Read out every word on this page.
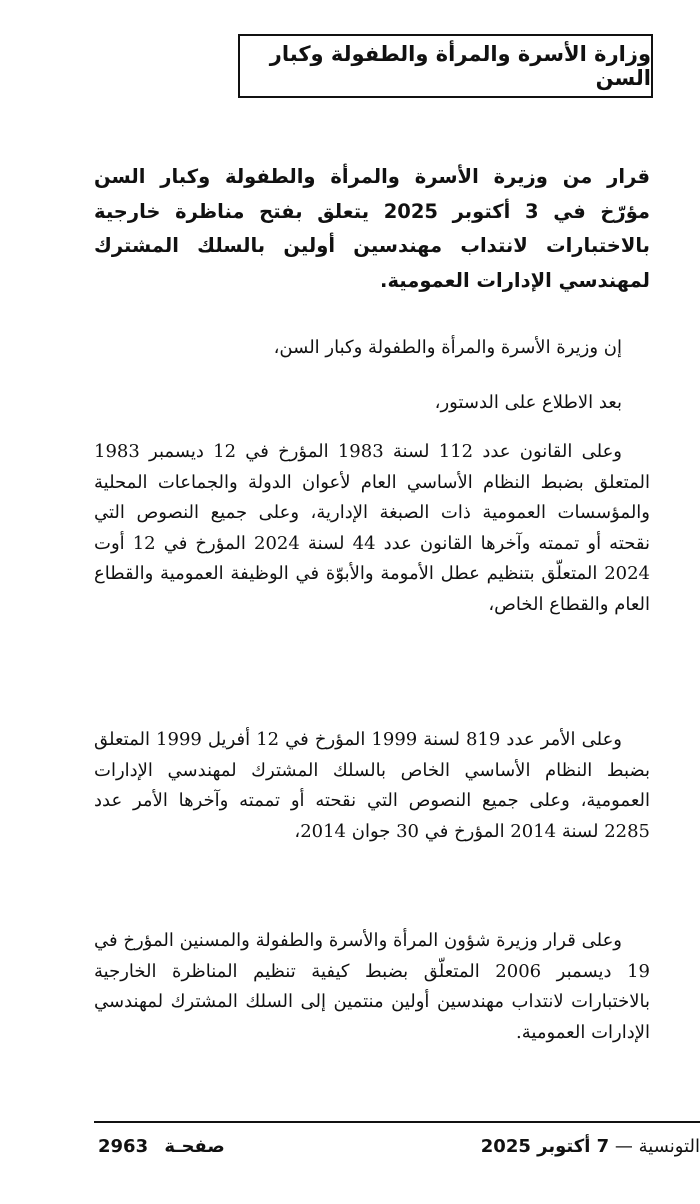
وزارة الأسرة والمرأة والطفولة وكبار السن
قرار من وزيرة الأسرة والمرأة والطفولة وكبار السن مؤرّخ في 3 أكتوبر 2025 يتعلق بفتح مناظرة خارجية بالاختبارات لانتداب مهندسين أولين بالسلك المشترك لمهندسي الإدارات العمومية.

إن وزيرة الأسرة والمرأة والطفولة وكبار السن،

بعد الاطلاع على الدستور،

وعلى القانون عدد 112 لسنة 1983 المؤرخ في 12 ديسمبر 1983 المتعلق بضبط النظام الأساسي العام لأعوان الدولة والجماعات المحلية والمؤسسات العمومية ذات الصبغة الإدارية، وعلى جميع النصوص التي نقحته أو تممته وآخرها القانون عدد 44 لسنة 2024 المؤرخ في 12 أوت 2024 المتعلّق بتنظيم عطل الأمومة والأبوّة في الوظيفة العمومية والقطاع العام والقطاع الخاص،

وعلى الأمر عدد 819 لسنة 1999 المؤرخ في 12 أفريل 1999 المتعلق بضبط النظام الأساسي الخاص بالسلك المشترك لمهندسي الإدارات العمومية، وعلى جميع النصوص التي نقحته أو تممته وآخرها الأمر عدد 2285 لسنة 2014 المؤرخ في 30 جوان 2014،

وعلى قرار وزيرة شؤون المرأة والأسرة والطفولة والمسنين المؤرخ في 19 ديسمبر 2006 المتعلّق بضبط كيفية تنظيم المناظرة الخارجية بالاختبارات لانتداب مهندسين أولين منتمين إلى السلك المشترك لمهندسي الإدارات العمومية.

صفحـة 2963	التونسية — 7 أكتوبر 2025
